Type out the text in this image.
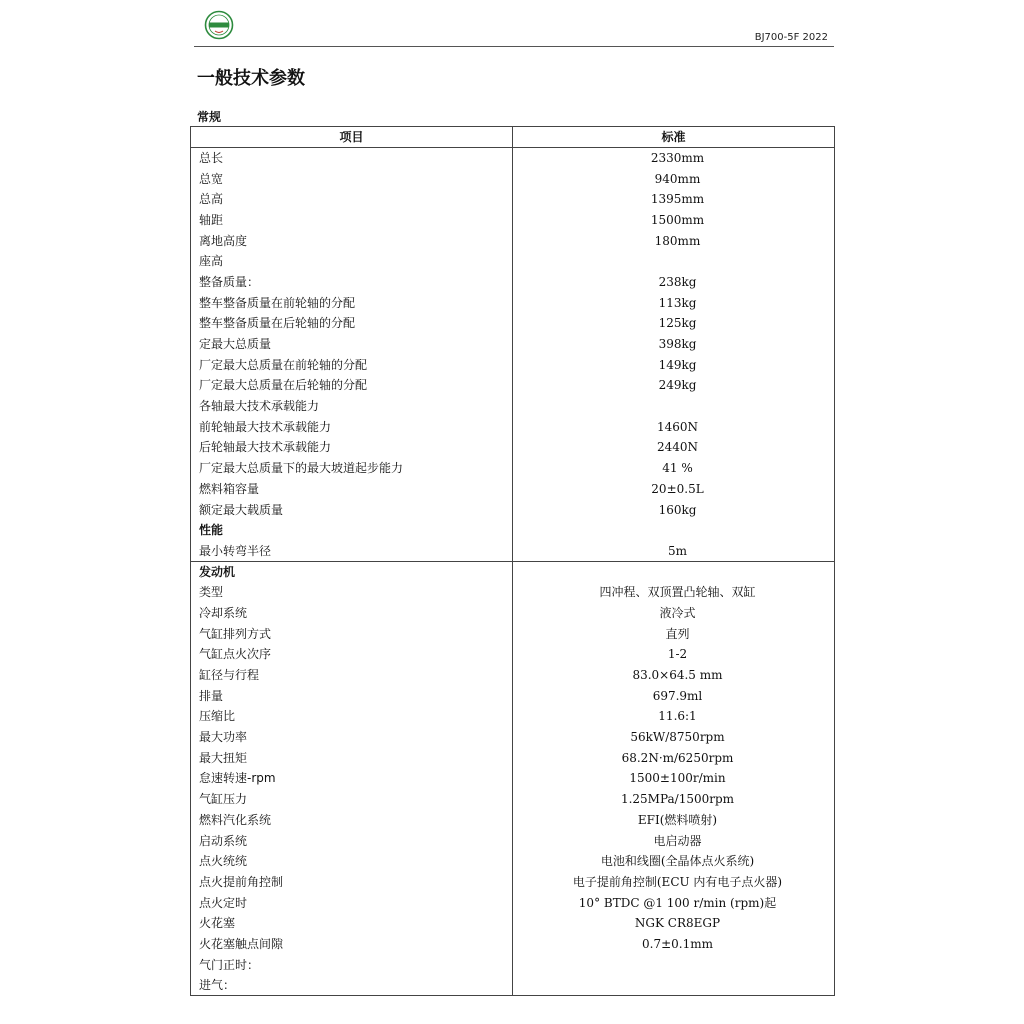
BJ700-5F 2022
一般技术参数
常规
项目	标准
总长	2330mm
总宽	940mm
总高	1395mm
轴距	1500mm
离地高度	180mm
座高	
整备质量：	238kg
整车整备质量在前轮轴的分配	113kg
整车整备质量在后轮轴的分配	125kg
定最大总质量	398kg
厂定最大总质量在前轮轴的分配	149kg
厂定最大总质量在后轮轴的分配	249kg
各轴最大技术承载能力	
前轮轴最大技术承载能力	1460N
后轮轴最大技术承载能力	2440N
厂定最大总质量下的最大坡道起步能力	41 %
燃料箱容量	20±0.5L
额定最大载质量	160kg
性能	
最小转弯半径	5m
发动机	
类型	四冲程、双顶置凸轮轴、双缸
冷却系统	液冷式
气缸排列方式	直列
气缸点火次序	1-2
缸径与行程	83.0×64.5 mm
排量	697.9ml
压缩比	11.6:1
最大功率	56kW/8750rpm
最大扭矩	68.2N·m/6250rpm
怠速转速-rpm	1500±100r/min
气缸压力	1.25MPa/1500rpm
燃料汽化系统	EFI(燃料喷射)
启动系统	电启动器
点火统统	电池和线圈(全晶体点火系统)
点火提前角控制	电子提前角控制(ECU 内有电子点火器)
点火定时	10° BTDC @1 100 r/min (rpm)起
火花塞	NGK CR8EGP
火花塞触点间隙	0.7±0.1mm
气门正时：	
进气：	
